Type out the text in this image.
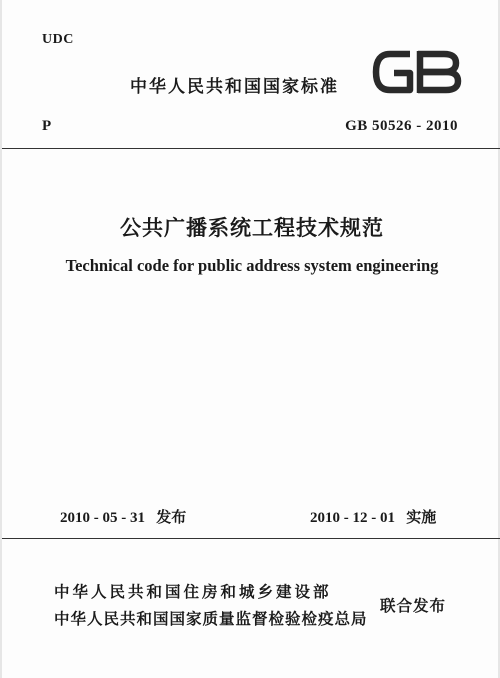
UDC
中华人民共和国国家标准
P	GB 50526 - 2010
公共广播系统工程技术规范
Technical code for public address system engineering
2010 - 05 - 31   发布	2010 - 12 - 01   实施
中华人民共和国住房和城乡建设部
中华人民共和国国家质量监督检验检疫总局
联合发布
